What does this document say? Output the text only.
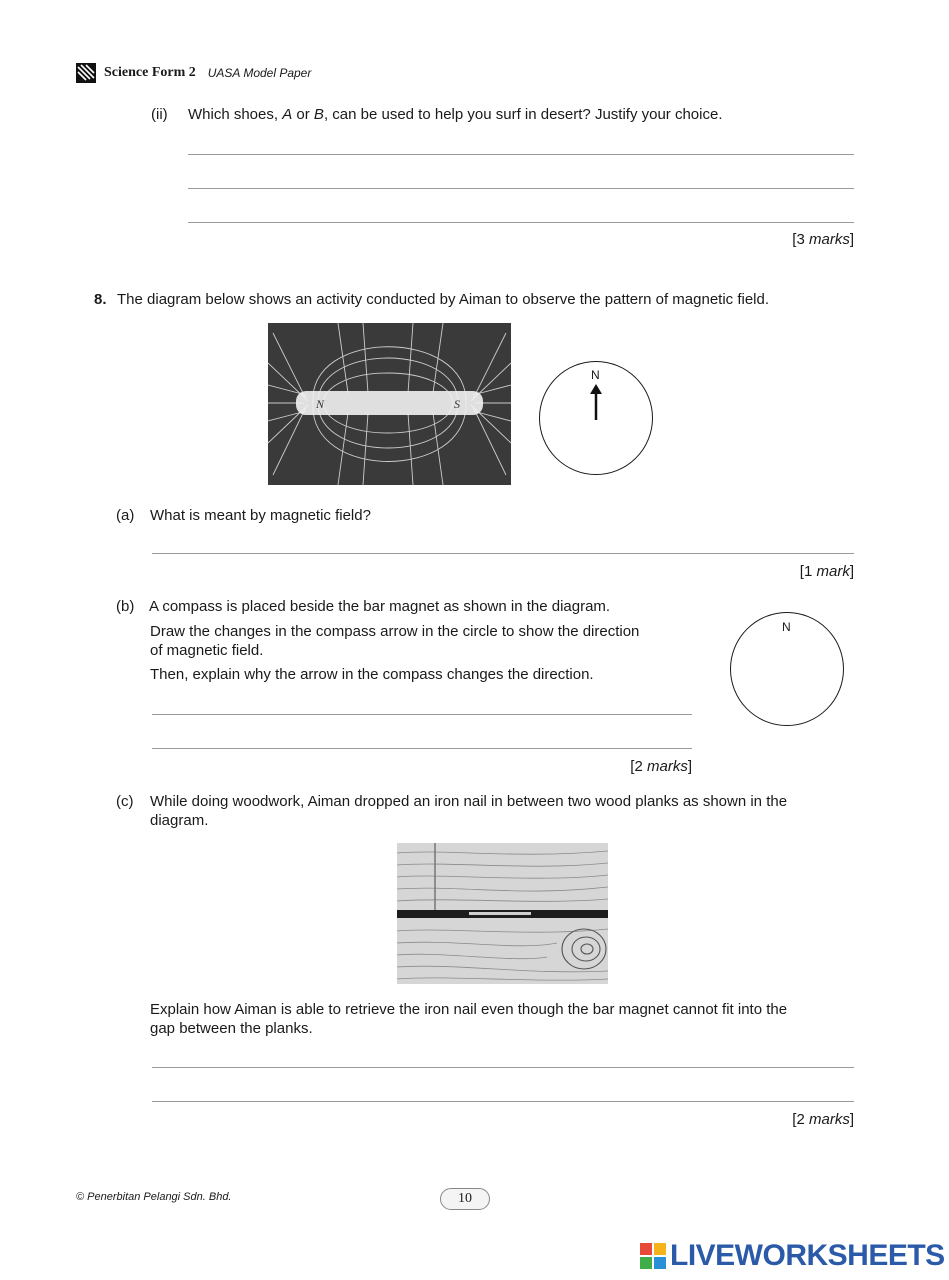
Science Form 2 UASA Model Paper
(ii) Which shoes, A or B, can be used to help you surf in desert? Justify your choice.
[3 marks]
8. The diagram below shows an activity conducted by Aiman to observe the pattern of magnetic field.
N	S
N
(a) What is meant by magnetic field?
[1 mark]
(b) A compass is placed beside the bar magnet as shown in the diagram.
Draw the changes in the compass arrow in the circle to show the direction
of magnetic field.
Then, explain why the arrow in the compass changes the direction.
[2 marks]
N
(c) While doing woodwork, Aiman dropped an iron nail in between two wood planks as shown in the
diagram.
Explain how Aiman is able to retrieve the iron nail even though the bar magnet cannot fit into the
gap between the planks.
[2 marks]
© Penerbitan Pelangi Sdn. Bhd.	10
LIVEWORKSHEETS
